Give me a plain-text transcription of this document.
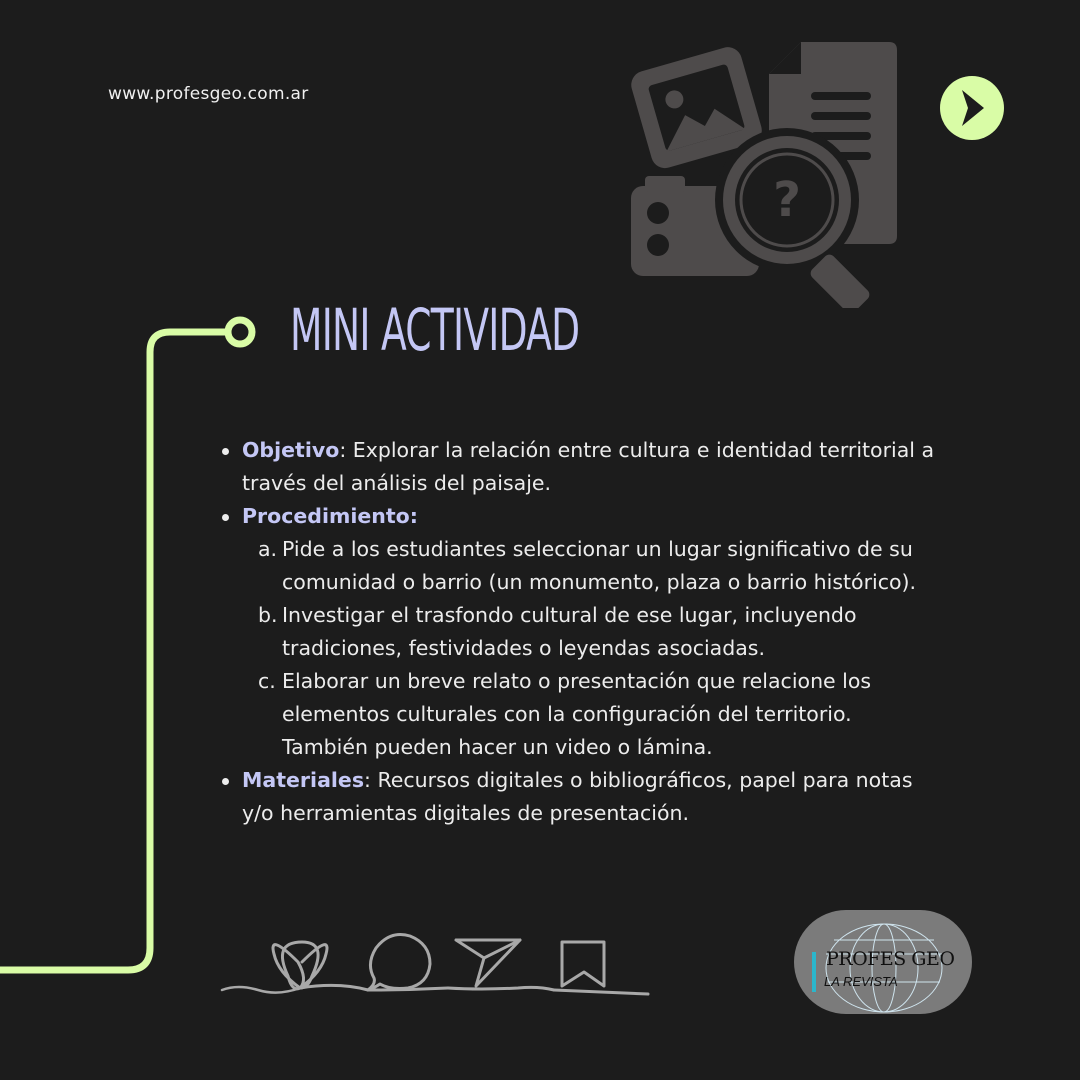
www.profesgeo.com.ar
?
MINI ACTIVIDAD
Objetivo: Explorar la relación entre cultura e identidad territorial a través del análisis del paisaje.
Procedimiento:
a. Pide a los estudiantes seleccionar un lugar significativo de su comunidad o barrio (un monumento, plaza o barrio histórico).
b. Investigar el trasfondo cultural de ese lugar, incluyendo tradiciones, festividades o leyendas asociadas.
c. Elaborar un breve relato o presentación que relacione los elementos culturales con la configuración del territorio. También pueden hacer un video o lámina.
Materiales: Recursos digitales o bibliográficos, papel para notas y/o herramientas digitales de presentación.
PROFES GEO
LA REVISTA
